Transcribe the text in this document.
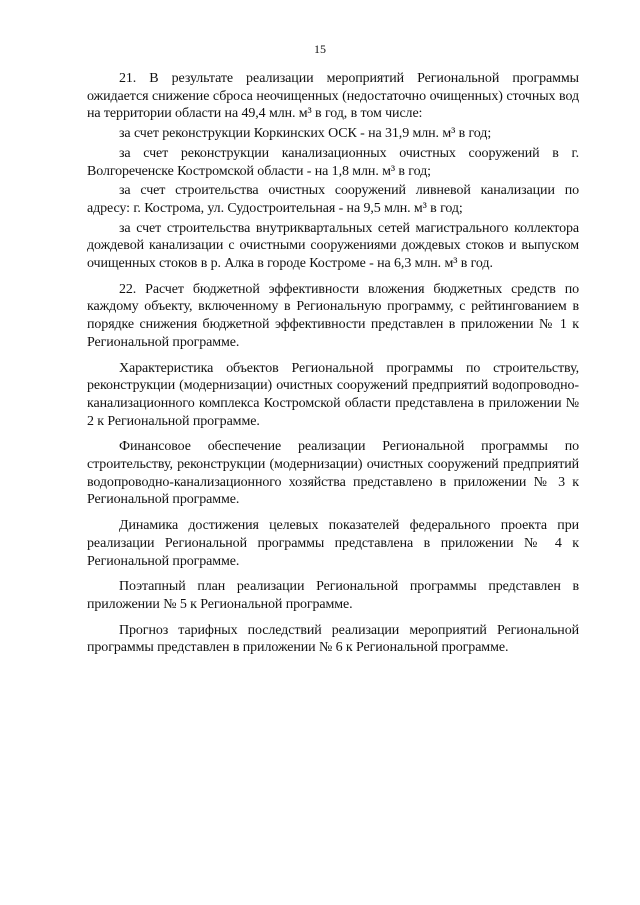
15

21. В результате реализации мероприятий Региональной программы ожидается снижение сброса неочищенных (недостаточно очищенных) сточных вод на территории области на 49,4 млн. м³ в год, в том числе:

за счет реконструкции Коркинских ОСК - на 31,9 млн. м³ в год;

за счет реконструкции канализационных очистных сооружений в г. Волгореченске Костромской области - на 1,8 млн. м³ в год;

за счет строительства очистных сооружений ливневой канализации по адресу: г. Кострома, ул. Судостроительная - на 9,5 млн. м³ в год;

за счет строительства внутриквартальных сетей магистрального коллектора дождевой канализации с очистными сооружениями дождевых стоков и выпуском очищенных стоков в р. Алка в городе Костроме - на 6,3 млн. м³ в год.

22. Расчет бюджетной эффективности вложения бюджетных средств по каждому объекту, включенному в Региональную программу, с рейтингованием в порядке снижения бюджетной эффективности представлен в приложении № 1 к Региональной программе.

Характеристика объектов Региональной программы по строительству, реконструкции (модернизации) очистных сооружений предприятий водопроводно-канализационного комплекса Костромской области представлена в приложении № 2 к Региональной программе.

Финансовое обеспечение реализации Региональной программы по строительству, реконструкции (модернизации) очистных сооружений предприятий водопроводно-канализационного хозяйства представлено в приложении № 3 к Региональной программе.

Динамика достижения целевых показателей федерального проекта при реализации Региональной программы представлена в приложении № 4 к Региональной программе.

Поэтапный план реализации Региональной программы представлен в приложении № 5 к Региональной программе.

Прогноз тарифных последствий реализации мероприятий Региональной программы представлен в приложении № 6 к Региональной программе.
